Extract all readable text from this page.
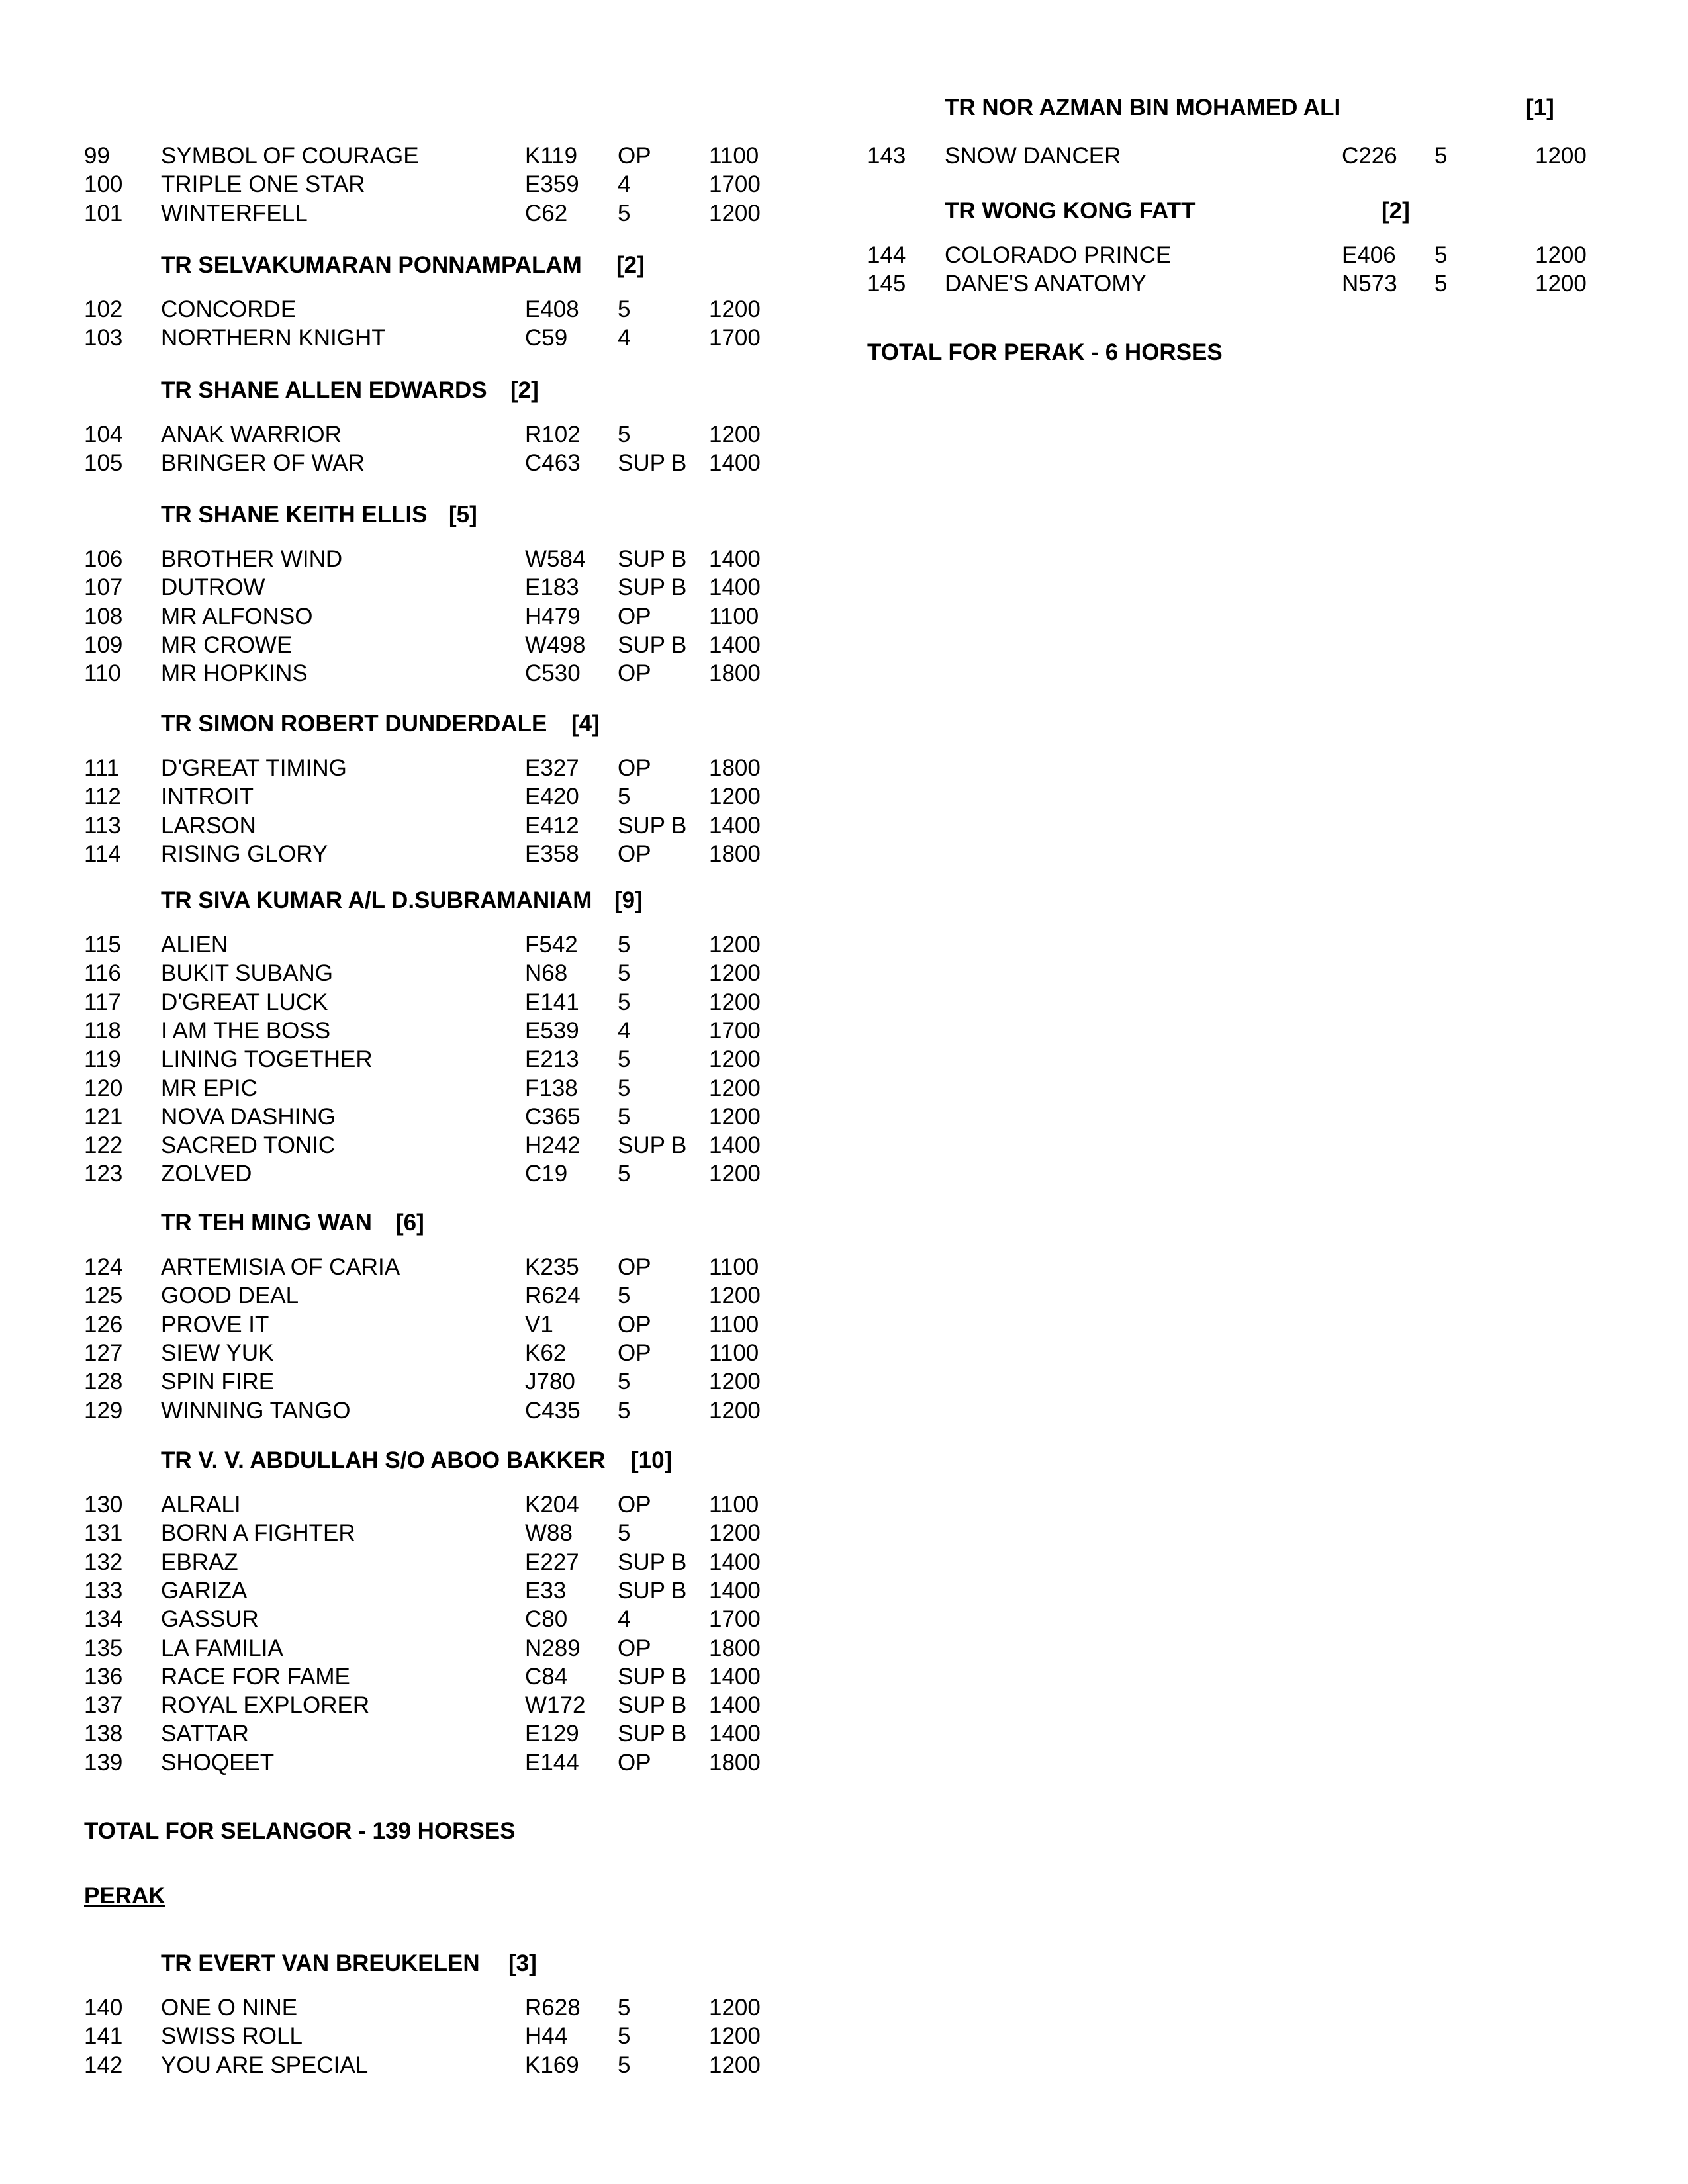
99 SYMBOL OF COURAGE	K119 OP 1100
100 TRIPLE ONE STAR	E359 4	1700
101 WINTERFELL	C62 5	1200
TR SELVAKUMARAN PONNAMPALAM [2]
102 CONCORDE	E408 5	1200
103 NORTHERN KNIGHT	C59 4	1700
TR SHANE ALLEN EDWARDS [2]
104 ANAK WARRIOR	R102 5	1200
105 BRINGER OF WAR	C463 SUP B 1400
TR SHANE KEITH ELLIS [5]
106 BROTHER WIND	W584 SUP B 1400
107 DUTROW	E183 SUP B 1400
108 MR ALFONSO	H479 OP 1100
109 MR CROWE	W498 SUP B 1400
110 MR HOPKINS	C530 OP 1800
TR SIMON ROBERT DUNDERDALE [4]
111 D'GREAT TIMING	E327 OP 1800
112 INTROIT	E420 5	1200
113 LARSON	E412 SUP B 1400
114 RISING GLORY	E358 OP 1800
TR SIVA KUMAR A/L D.SUBRAMANIAM [9]
115 ALIEN	F542 5	1200
116 BUKIT SUBANG	N68 5	1200
117 D'GREAT LUCK	E141 5	1200
118 I AM THE BOSS	E539 4	1700
119 LINING TOGETHER	E213 5	1200
120 MR EPIC	F138 5	1200
121 NOVA DASHING	C365 5	1200
122 SACRED TONIC	H242 SUP B 1400
123 ZOLVED	C19 5	1200
TR TEH MING WAN [6]
124 ARTEMISIA OF CARIA	K235 OP 1100
125 GOOD DEAL	R624 5	1200
126 PROVE IT	V1	OP 1100
127 SIEW YUK	K62 OP 1100
128 SPIN FIRE	J780 5	1200
129 WINNING TANGO	C435 5	1200
TR V. V. ABDULLAH S/O ABOO BAKKER [10]
130 ALRALI	K204 OP 1100
131 BORN A FIGHTER	W88 5	1200
132 EBRAZ	E227 SUP B 1400
133 GARIZA	E33 SUP B 1400
134 GASSUR	C80 4	1700
135 LA FAMILIA	N289 OP 1800
136 RACE FOR FAME	C84 SUP B 1400
137 ROYAL EXPLORER	W172 SUP B 1400
138 SATTAR	E129 SUP B 1400
139 SHOQEET	E144 OP 1800
TOTAL FOR SELANGOR - 139 HORSES
PERAK
TR EVERT VAN BREUKELEN [3]
140 ONE O NINE	R628 5	1200
141 SWISS ROLL	H44 5	1200
142 YOU ARE SPECIAL	K169 5	1200
TR NOR AZMAN BIN MOHAMED ALI	[1]
143 SNOW DANCER	C226 5	1200
TR WONG KONG FATT	[2]
144 COLORADO PRINCE	E406 5	1200
145 DANE'S ANATOMY	N573 5	1200
TOTAL FOR PERAK - 6 HORSES
